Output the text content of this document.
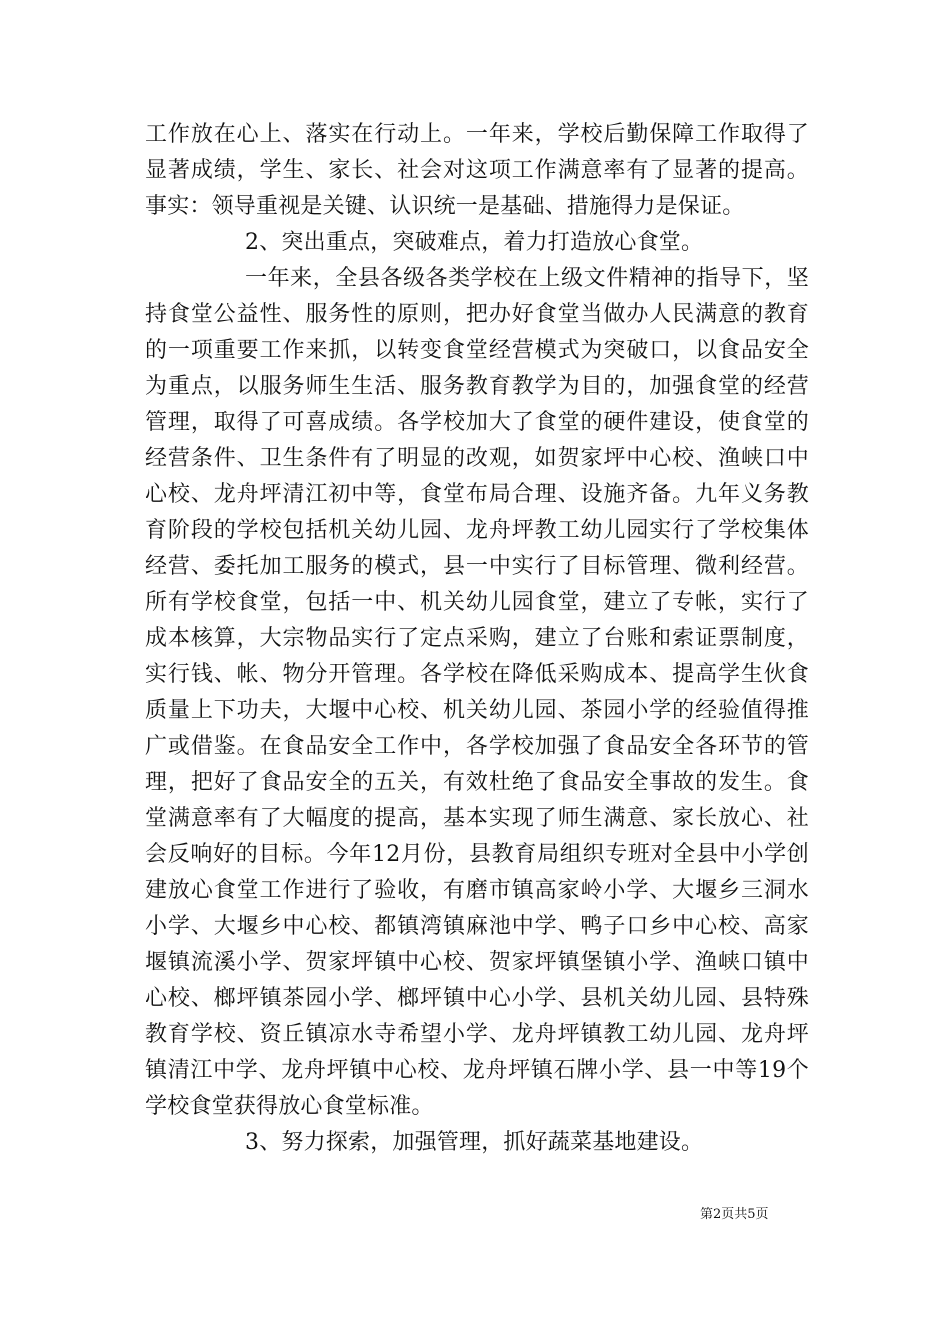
工作放在心上、落实在行动上。一年来，学校后勤保障工作取得了
显著成绩，学生、家长、社会对这项工作满意率有了显著的提高。
事实：领导重视是关键、认识统一是基础、措施得力是保证。
2、突出重点，突破难点，着力打造放心食堂。
一年来，全县各级各类学校在上级文件精神的指导下，坚
持食堂公益性、服务性的原则，把办好食堂当做办人民满意的教育
的一项重要工作来抓，以转变食堂经营模式为突破口，以食品安全
为重点，以服务师生生活、服务教育教学为目的，加强食堂的经营
管理，取得了可喜成绩。各学校加大了食堂的硬件建设，使食堂的
经营条件、卫生条件有了明显的改观，如贺家坪中心校、渔峡口中
心校、龙舟坪清江初中等，食堂布局合理、设施齐备。九年义务教
育阶段的学校包括机关幼儿园、龙舟坪教工幼儿园实行了学校集体
经营、委托加工服务的模式，县一中实行了目标管理、微利经营。
所有学校食堂，包括一中、机关幼儿园食堂，建立了专帐，实行了
成本核算，大宗物品实行了定点采购，建立了台账和索证票制度，
实行钱、帐、物分开管理。各学校在降低采购成本、提高学生伙食
质量上下功夫，大堰中心校、机关幼儿园、茶园小学的经验值得推
广或借鉴。在食品安全工作中，各学校加强了食品安全各环节的管
理，把好了食品安全的五关，有效杜绝了食品安全事故的发生。食
堂满意率有了大幅度的提高，基本实现了师生满意、家长放心、社
会反响好的目标。今年12月份，县教育局组织专班对全县中小学创
建放心食堂工作进行了验收，有磨市镇高家岭小学、大堰乡三洞水
小学、大堰乡中心校、都镇湾镇麻池中学、鸭子口乡中心校、高家
堰镇流溪小学、贺家坪镇中心校、贺家坪镇堡镇小学、渔峡口镇中
心校、榔坪镇茶园小学、榔坪镇中心小学、县机关幼儿园、县特殊
教育学校、资丘镇凉水寺希望小学、龙舟坪镇教工幼儿园、龙舟坪
镇清江中学、龙舟坪镇中心校、龙舟坪镇石牌小学、县一中等19个
学校食堂获得放心食堂标准。
3、努力探索，加强管理，抓好蔬菜基地建设。
第2页共5页
